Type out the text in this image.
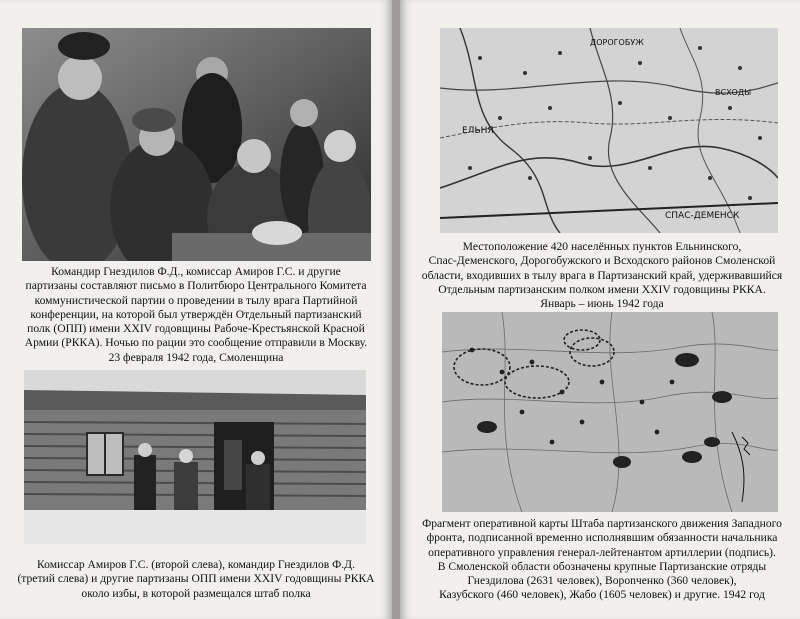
Командир Гнездилов Ф.Д., комиссар Амиров Г.С. и другие
партизаны составляют письмо в Политбюро Центрального Комитета
коммунистической партии о проведении в тылу врага Партийной
конференции, на которой был утверждён Отдельный партизанский
полк (ОПП) имени XXIV годовщины Рабоче-Крестьянской Красной
Армии (РККА). Ночью по рации это сообщение отправили в Москву.
23 февраля 1942 года, Смоленщина
Комиссар Амиров Г.С. (второй слева), командир Гнездилов Ф.Д.
(третий слева) и другие партизаны ОПП имени XXIV годовщины РККА
около избы, в которой размещался штаб полка
ЕЛЬНЯ
ДОРОГОБУЖ
СПАС-ДЕМЕНСК
ВСХОДЫ
Местоположение 420 населённых пунктов Ельнинского,
Спас-Деменского, Дорогобужского и Всходского районов Смоленской
области, входивших в тылу врага в Партизанский край, удерживавшийся
Отдельным партизанским полком имени XXIV годовщины РККА.
Январь – июнь 1942 года
Фрагмент оперативной карты Штаба партизанского движения Западного
фронта, подписанной временно исполнявшим обязанности начальника
оперативного управления генерал-лейтенантом артиллерии (подпись).
В Смоленской области обозначены крупные Партизанские отряды
Гнездилова (2631 человек), Ворonченко (360 человек),
Казубского (460 человек), Жабо (1605 человек) и другие. 1942 год
